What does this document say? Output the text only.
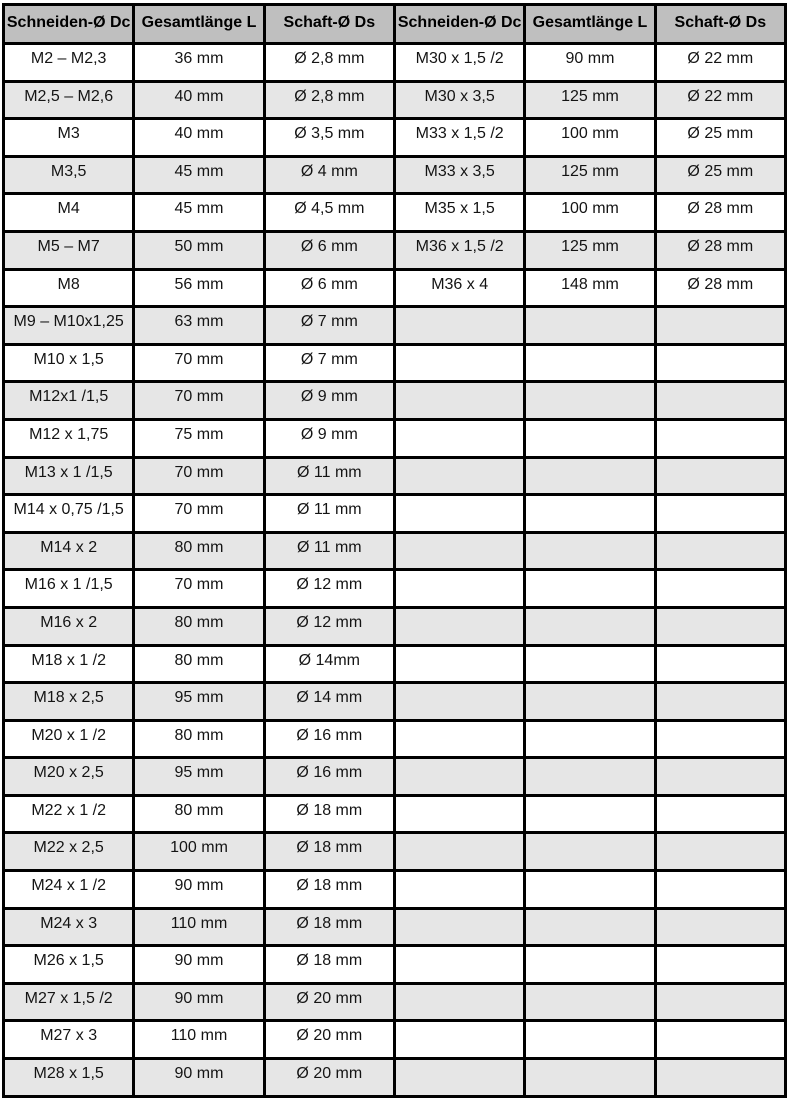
Schneiden-Ø Dc	Gesamtlänge L	Schaft-Ø Ds	Schneiden-Ø Dc	Gesamtlänge L	Schaft-Ø Ds
M2 – M2,3	36 mm	Ø 2,8 mm	M30 x 1,5 /2	90 mm	Ø 22 mm
M2,5 – M2,6	40 mm	Ø 2,8 mm	M30 x 3,5	125 mm	Ø 22 mm
M3	40 mm	Ø 3,5 mm	M33 x 1,5 /2	100 mm	Ø 25 mm
M3,5	45 mm	Ø 4 mm	M33 x 3,5	125 mm	Ø 25 mm
M4	45 mm	Ø 4,5 mm	M35 x 1,5	100 mm	Ø 28 mm
M5 – M7	50 mm	Ø 6 mm	M36 x 1,5 /2	125 mm	Ø 28 mm
M8	56 mm	Ø 6 mm	M36 x 4	148 mm	Ø 28 mm
M9 – M10x1,25	63 mm	Ø 7 mm			
M10 x 1,5	70 mm	Ø 7 mm			
M12x1 /1,5	70 mm	Ø 9 mm			
M12 x 1,75	75 mm	Ø 9 mm			
M13 x 1 /1,5	70 mm	Ø 11 mm			
M14 x 0,75 /1,5	70 mm	Ø 11 mm			
M14 x 2	80 mm	Ø 11 mm			
M16 x 1 /1,5	70 mm	Ø 12 mm			
M16 x 2	80 mm	Ø 12 mm			
M18 x 1 /2	80 mm	Ø 14mm			
M18 x 2,5	95 mm	Ø 14 mm			
M20 x 1 /2	80 mm	Ø 16 mm			
M20 x 2,5	95 mm	Ø 16 mm			
M22 x 1 /2	80 mm	Ø 18 mm			
M22 x 2,5	100 mm	Ø 18 mm			
M24 x 1 /2	90 mm	Ø 18 mm			
M24 x 3	110 mm	Ø 18 mm			
M26 x 1,5	90 mm	Ø 18 mm			
M27 x 1,5 /2	90 mm	Ø 20 mm			
M27 x 3	110 mm	Ø 20 mm			
M28 x 1,5	90 mm	Ø 20 mm			
